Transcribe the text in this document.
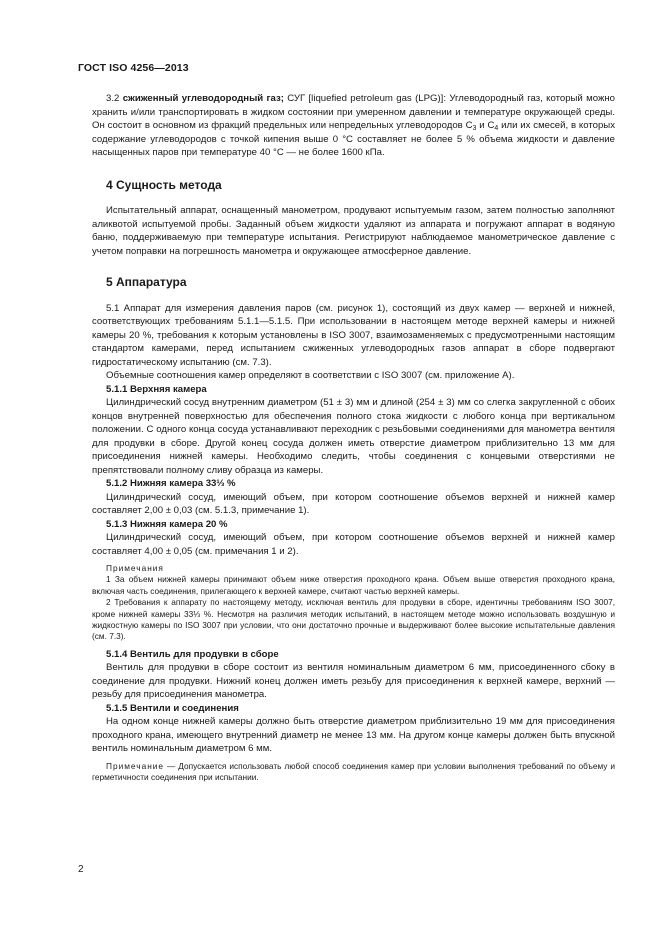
ГОСТ ISO 4256—2013

3.2 сжиженный углеводородный газ; СУГ [liquefied petroleum gas (LPG)]: Углеводородный газ, который можно хранить и/или транспортировать в жидком состоянии при умеренном давлении и температуре окружающей среды. Он состоит в основном из фракций предельных или непредельных углеводородов $С_3$ и $С_4$ или их смесей, в которых содержание углеводородов с точкой кипения выше 0 °С составляет не более 5 % объема жидкости и давление насыщенных паров при температуре 40 °С — не более 1600 кПа.

4 Сущность метода

Испытательный аппарат, оснащенный манометром, продувают испытуемым газом, затем полностью заполняют аликвотой испытуемой пробы. Заданный объем жидкости удаляют из аппарата и погружают аппарат в водяную баню, поддерживаемую при температуре испытания. Регистрируют наблюдаемое манометрическое давление с учетом поправки на погрешность манометра и окружающее атмосферное давление.

5 Аппаратура

5.1 Аппарат для измерения давления паров (см. рисунок 1), состоящий из двух камер — верхней и нижней, соответствующих требованиям 5.1.1—5.1.5. При использовании в настоящем методе верхней камеры и нижней камеры 20 %, требования к которым установлены в ISO 3007, взаимозаменяемых с предусмотренными настоящим стандартом камерами, перед испытанием сжиженных углеводородных газов аппарат в сборе подвергают гидростатическому испытанию (см. 7.3).

Объемные соотношения камер определяют в соответствии с ISO 3007 (см. приложение А).

5.1.1 Верхняя камера

Цилиндрический сосуд внутренним диаметром (51 ± 3) мм и длиной (254 ± 3) мм со слегка закругленной с обоих концов внутренней поверхностью для обеспечения полного стока жидкости с любого конца при вертикальном положении. С одного конца сосуда устанавливают переходник с резьбовыми соединениями для манометра вентиля для продувки в сборе. Другой конец сосуда должен иметь отверстие диаметром приблизительно 13 мм для присоединения нижней камеры. Необходимо следить, чтобы соединения с концевыми отверстиями не препятствовали полному сливу образца из камеры.

5.1.2 Нижняя камера 33⅓ %

Цилиндрический сосуд, имеющий объем, при котором соотношение объемов верхней и нижней камер составляет 2,00 ± 0,03 (см. 5.1.3, примечание 1).

5.1.3 Нижняя камера 20 %

Цилиндрический сосуд, имеющий объем, при котором соотношение объемов верхней и нижней камер составляет 4,00 ± 0,05 (см. примечания 1 и 2).

Примечания

1 За объем нижней камеры принимают объем ниже отверстия проходного крана. Объем выше отверстия проходного крана, включая часть соединения, прилегающего к верхней камере, считают частью верхней камеры.

2 Требования к аппарату по настоящему методу, исключая вентиль для продувки в сборе, идентичны требованиям ISO 3007, кроме нижней камеры 33⅓ %. Несмотря на различия методик испытаний, в настоящем методе можно использовать воздушную и жидкостную камеры по ISO 3007 при условии, что они достаточно прочные и выдерживают более высокие испытательные давления (см. 7.3).

5.1.4 Вентиль для продувки в сборе

Вентиль для продувки в сборе состоит из вентиля номинальным диаметром 6 мм, присоединенного сбоку в соединение для продувки. Нижний конец должен иметь резьбу для присоединения к верхней камере, верхний — резьбу для присоединения манометра.

5.1.5 Вентили и соединения

На одном конце нижней камеры должно быть отверстие диаметром приблизительно 19 мм для присоединения проходного крана, имеющего внутренний диаметр не менее 13 мм. На другом конце камеры должен быть впускной вентиль номинальным диаметром 6 мм.

Примечание — Допускается использовать любой способ соединения камер при условии выполнения требований по объему и герметичности соединения при испытании.

2
